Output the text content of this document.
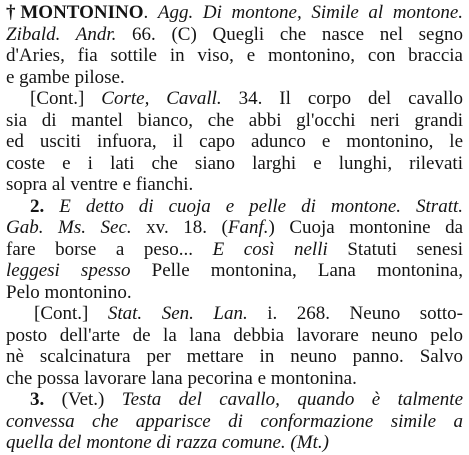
†MONTONINO. Agg. Di montone, Simile al montone.
Zibald. Andr. 66. (C) Quegli che nasce nel segno
d'Aries, fia sottile in viso, e montonino, con braccia
e gambe pilose.
[Cont.] Corte, Cavall. 34. Il corpo del cavallo
sia di mantel bianco, che abbi gl'occhi neri grandi
ed usciti infuora, il capo adunco e montonino, le
coste e i lati che siano larghi e lunghi, rilevati
sopra al ventre e fianchi.
2. E detto di cuoja e pelle di montone. Stratt.
Gab. Ms. Sec. xv. 18. (Fanf.) Cuoja montonine da
fare borse a peso... E così nelli Statuti senesi
leggesi spesso Pelle montonina, Lana montonina,
Pelo montonino.
[Cont.] Stat. Sen. Lan. i. 268. Neuno sotto-
posto dell'arte de la lana debbia lavorare neuno pelo
nè scalcinatura per mettare in neuno panno. Salvo
che possa lavorare lana pecorina e montonina.
3. (Vet.) Testa del cavallo, quando è talmente
convessa che apparisce di conformazione simile a
quella del montone di razza comune. (Mt.)
